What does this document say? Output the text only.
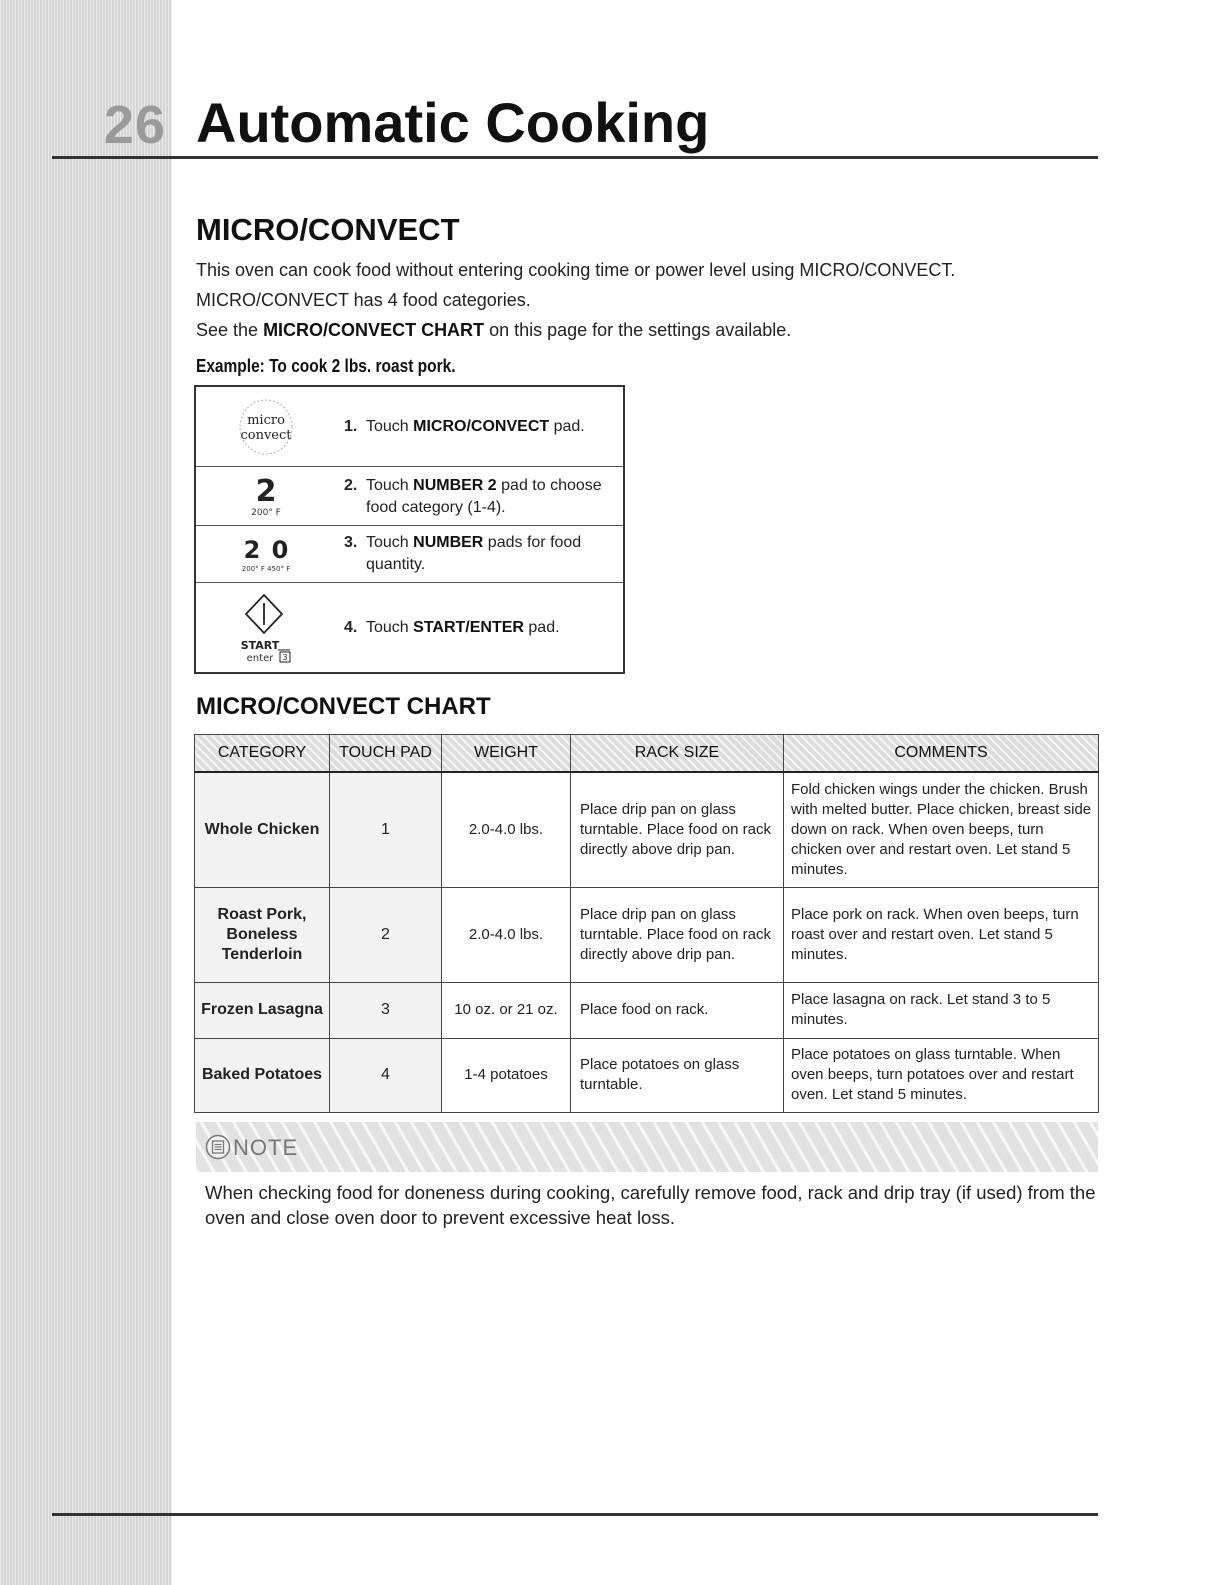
26 Automatic Cooking
MICRO/CONVECT
This oven can cook food without entering cooking time or power level using MICRO/CONVECT.
MICRO/CONVECT has 4 food categories.
See the MICRO/CONVECT CHART on this page for the settings available.
Example: To cook 2 lbs. roast pork.
micro
convect
1. Touch MICRO/CONVECT pad.
2
200° F
2. Touch NUMBER 2 pad to choose
food category (1-4).
2 0
200° F 450° F
3. Touch NUMBER pads for food
quantity.
START
enter 3
4. Touch START/ENTER pad.
MICRO/CONVECT CHART
CATEGORY	TOUCH PAD	WEIGHT	RACK SIZE	COMMENTS
Whole Chicken	1	2.0-4.0 lbs.	Place drip pan on glass turntable. Place food on rack directly above drip pan.	Fold chicken wings under the chicken. Brush with melted butter. Place chicken, breast side down on rack. When oven beeps, turn chicken over and restart oven. Let stand 5 minutes.
Roast Pork, Boneless Tenderloin	2	2.0-4.0 lbs.	Place drip pan on glass turntable. Place food on rack directly above drip pan.	Place pork on rack. When oven beeps, turn roast over and restart oven. Let stand 5 minutes.
Frozen Lasagna	3	10 oz. or 21 oz.	Place food on rack.	Place lasagna on rack. Let stand 3 to 5 minutes.
Baked Potatoes	4	1-4 potatoes	Place potatoes on glass turntable.	Place potatoes on glass turntable. When oven beeps, turn potatoes over and restart oven. Let stand 5 minutes.
NOTE
When checking food for doneness during cooking, carefully remove food, rack and drip tray (if used) from the oven and close oven door to prevent excessive heat loss.
